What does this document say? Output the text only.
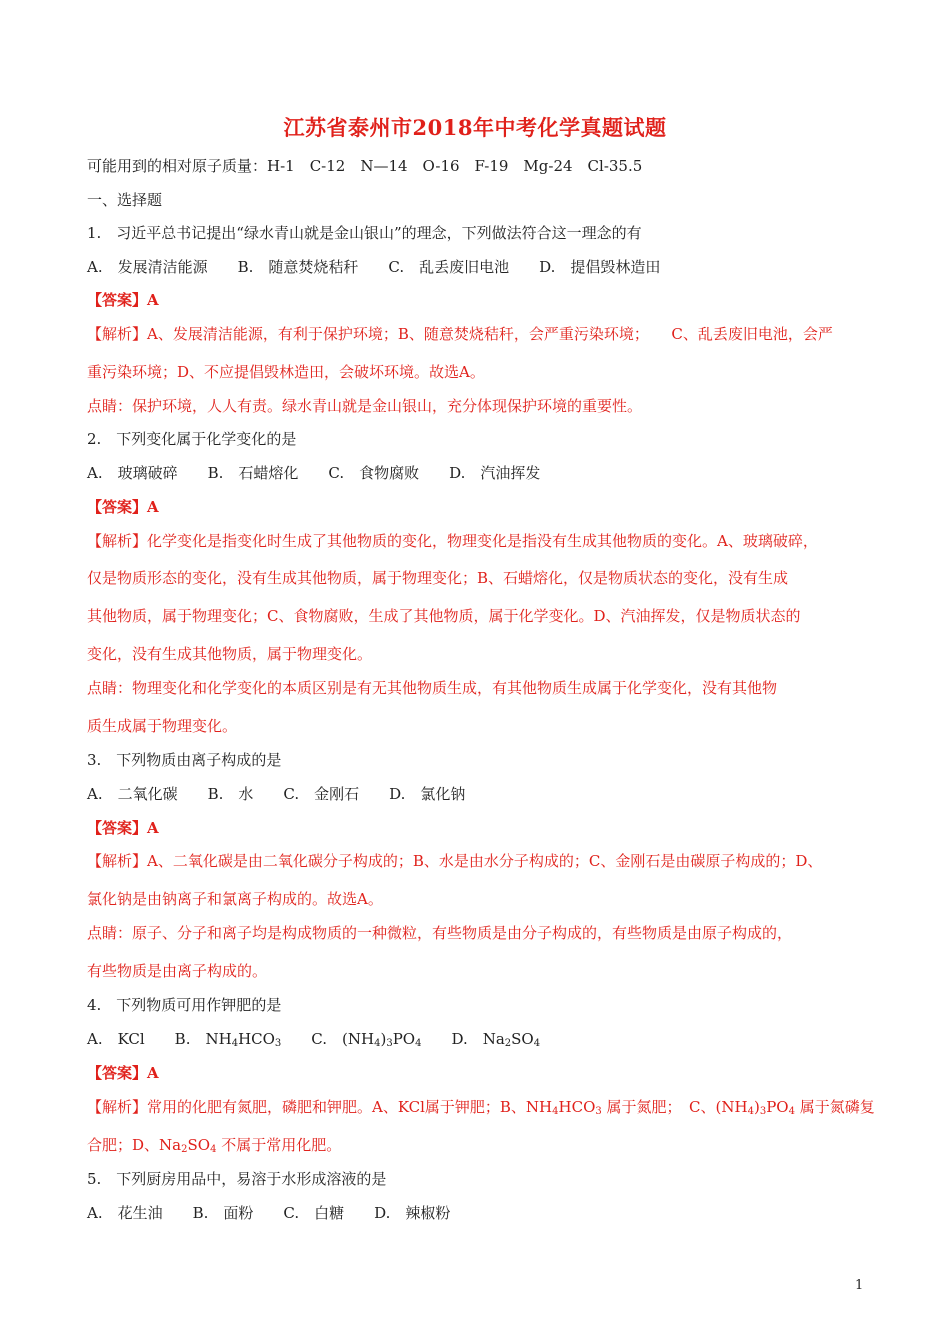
江苏省泰州市2018年中考化学真题试题
可能用到的相对原子质量：H-1　C-12　N—14　O-16　F-19　Mg-24　Cl-35.5
一、选择题
1.　习近平总书记提出“绿水青山就是金山银山”的理念，下列做法符合这一理念的有
A.　发展清洁能源　　B.　随意焚烧秸秆　　C.　乱丢废旧电池　　D.　提倡毁林造田
【答案】A
【解析】A、发展清洁能源，有利于保护环境；B、随意焚烧秸秆，会严重污染环境；　　C、乱丢废旧电池，会严
重污染环境；D、不应提倡毁林造田，会破坏环境。故选A。
点睛：保护环境，人人有责。绿水青山就是金山银山，充分体现保护环境的重要性。
2.　下列变化属于化学变化的是
A.　玻璃破碎　　B.　石蜡熔化　　C.　食物腐败　　D.　汽油挥发
【答案】A
【解析】化学变化是指变化时生成了其他物质的变化，物理变化是指没有生成其他物质的变化。A、玻璃破碎，
仅是物质形态的变化，没有生成其他物质，属于物理变化；B、石蜡熔化，仅是物质状态的变化，没有生成
其他物质，属于物理变化；C、食物腐败，生成了其他物质，属于化学变化。D、汽油挥发，仅是物质状态的
变化，没有生成其他物质，属于物理变化。
点睛：物理变化和化学变化的本质区别是有无其他物质生成，有其他物质生成属于化学变化，没有其他物
质生成属于物理变化。
3.　下列物质由离子构成的是
A.　二氧化碳　　B.　水　　C.　金刚石　　D.　氯化钠
【答案】A
【解析】A、二氧化碳是由二氧化碳分子构成的；B、水是由水分子构成的；C、金刚石是由碳原子构成的；D、
氯化钠是由钠离子和氯离子构成的。故选A。
点睛：原子、分子和离子均是构成物质的一种微粒，有些物质是由分子构成的，有些物质是由原子构成的，
有些物质是由离子构成的。
4.　下列物质可用作钾肥的是
A.　KCl　　B.　$NH_4HCO_3$　　C.　$(NH_4)_3PO_4$　　D.　$Na_2SO_4$
【答案】A
【解析】常用的化肥有氮肥，磷肥和钾肥。A、KCl属于钾肥；B、$NH_4HCO_3$ 属于氮肥；　C、$(NH_4)_3PO_4$ 属于氮磷复
合肥；D、$Na_2SO_4$ 不属于常用化肥。
5.　下列厨房用品中，易溶于水形成溶液的是
A.　花生油　　B.　面粉　　C.　白糖　　D.　辣椒粉
1
